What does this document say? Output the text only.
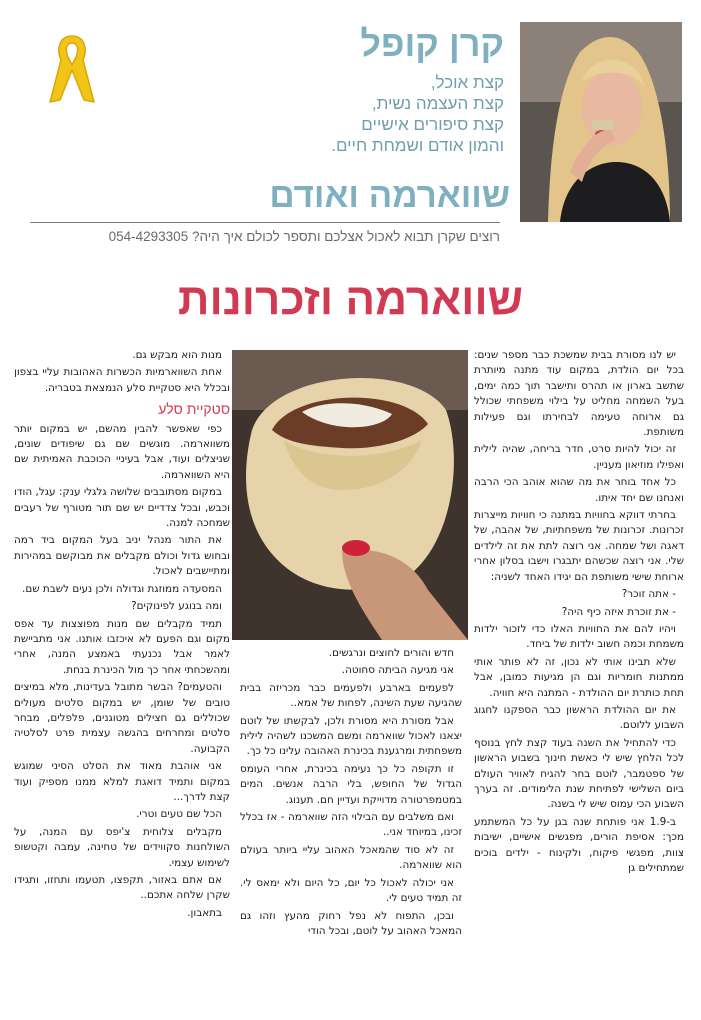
קרן קופל
קצת אוכל,
קצת העצמה נשית,
קצת סיפורים אישיים
והמון אודם ושמחת חיים.
שווארמה ואודם
רוצים שקרן תבוא לאכול אצלכם ותספר לכולם איך היה? 054-4293305
שווארמה וזכרונות

יש לנו מסורת בבית שמשכת כבר מספר שנים: בכל יום הולדת, במקום עוד מתנה מיותרת שתשב בארון או תהרס ותישבר תוך כמה ימים, בעל השמחה מחליט על בילוי משפחתי שכולל גם ארוחה טעימה לבחירתו וגם פעילות משותפת.

זה יכול להיות סרט, חדר בריחה, שהיה לילית ואפילו מוזיאון מעניין.

כל אחד בוחר את מה שהוא אוהב הכי הרבה ואנחנו שם יחד איתו.

בחרתי דווקא בחוויות במתנה כי חוויות מייצרות זכרונות. זכרונות של משפחתיות, של אהבה, של דאגה ושל שמחה. אני רוצה לתת את זה לילדים שלי. אני רוצה שכשהם יתבגרו וישבו בסלון אחרי ארוחת שישי משותפת הם יגידו האחד לשניה:

- אתה זוכר?

- את זוכרת איזה כיף היה?

ויהיו להם את החוויות האלו כדי לזכור ילדות משמחת וכמה חשוב ילדות של ביחד.

שלא תבינו אותי לא נכון, זה לא פותר אותי ממתנות חומריות וגם הן מגיעות כמובן, אבל תחת כותרת יום ההולדת - המתנה היא חוויה.

את יום ההולדת הראשון כבר הספקנו לחגוג השבוע ללוטם.

כדי להתחיל את השנה בעוד קצת לחץ בנוסף לכל הלחץ שיש לי כאשת חינוך בשבוע הראשון של ספטמבר, לוטם בחר להגיח לאוויר העולם ביום השלישי לפתיחת שנת הלימודים. זה בערך השבוע הכי עמוס שיש לי בשנה.

ב-1.9 אני פותחת שנה בגן על כל המשתמע מכך: אסיפת הורים, מפגשים אישיים, ישיבות צוות, מפגשי פיקוח, ולקינוח - ילדים בוכים שמתחילים גן

חדש והורים לחוצים ונרגשים.

אני מגיעה הביתה סחוטה.

לפעמים בארבע ולפעמים כבר מכריזה בבית שהגיעה שעת השינה, לפחות של אמא..

אבל מסורת היא מסורת ולכן, לבקשתו של לוטם יצאנו לאכול שווארמה ומשם המשכנו לשהיה לילית משפחתית ומרגענת בכינרת האהובה עלינו כל כך.

זו תקופה כל כך נעימה בכינרת, אחרי העומס הגדול של החופש, בלי הרבה אנשים. המים במטמפרטורה מדוייקת ועדיין חם. תענוג.

ואם משלבים עם הבילוי הזה שווארמה - אז בכלל זכינו, במיוחד אני..

זה לא סוד שהמאכל האהוב עליי ביותר בעולם הוא שווארמה.

אני יכולה לאכול כל יום, כל היום ולא ימאס לי. זה תמיד טעים לי.

ובכן, התפוח לא נפל רחוק מהעץ וזהו גם המאכל האהוב על לוטם, ובכל הודי

מנות הוא מבקש גם.

אחת השווארמיות הכשרות האהובות עליי בצפון ובכלל היא סטקיית סלע הנמצאת בטבריה.

סטקיית סלע

כפי שאפשר להבין מהשם, יש במקום יותר משווארמה. מוגשים שם גם שיפודים שונים, שניצלים ועוד, אבל בעיניי הכוכבת האמיתית שם היא השווארמה.

במקום מסתובבים שלושה גלגלי ענק: עגל, הודו וכבש, ובכל צדדיים יש שם תור מטורף של רעבים שמחכה למנה.

את התור מנהל יניב בעל המקום ביד רמה ובחוש גדול וכולם מקבלים את מבוקשם במהירות ומתיישבים לאכול.

המסעדה ממוזגת וגדולה ולכן נעים לשבת שם.

ומה בנוגע לפינוקים?

תמיד מקבלים שם מנות מפוצצות עד אפס מקום וגם הפעם לא איכזבו אותנו. אני מתביישת לאמר אבל נכנעתי באמצע המנה, אחרי ומהשכחתי אחר כך מול הכינרת בנחת.

והטעמים? הבשר מתובל בעדינות, מלא במיצים טובים של שומן, יש במקום סלטים מעולים שכוללים גם חצילים מטוגנים, פלפלים, מבחר סלטים ומחרחים בהגשה עצמית פרט לסלטיה הקבועה.

אני אוהבת מאוד את הסלט הסיני שמוגש במקום ותמיד דואגת למלא ממנו מספיק ועוד קצת לדרך...

הכל שם טעים וטרי.

מקבלים צלוחית צ'יפס עם המנה, על השולחנות סקווידים של טחינה, עמבה וקטשופ לשימוש עצמי.

אם אתם באזור, תקפצו, תטעמו ותחזו, ותגידו שקרן שלחה אתכם..

בתאבון.
